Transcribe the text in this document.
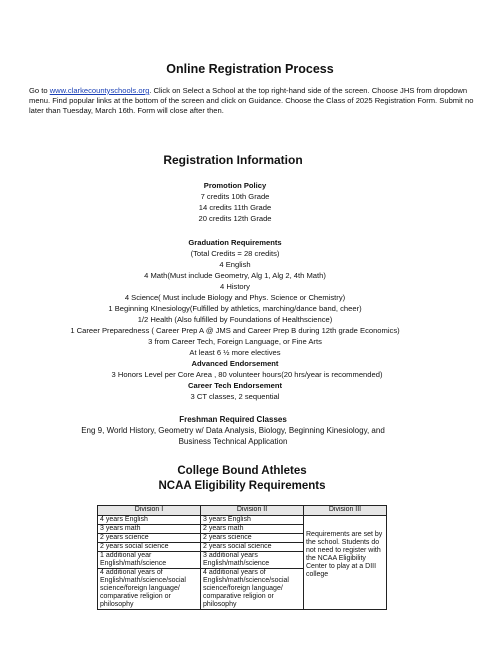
Online Registration Process
Go to www.clarkecountyschools.org. Click on Select a School at the top right-hand side of the screen. Choose JHS from dropdown menu. Find popular links at the bottom of the screen and click on Guidance. Choose the Class of 2025 Registration Form. Submit no later than Tuesday, March 16th. Form will close after then.
Registration Information
Promotion Policy
7 credits 10th Grade
14 credits 11th Grade
20 credits 12th Grade
Graduation Requirements
(Total Credits = 28 credits)
4 English
4 Math(Must include Geometry, Alg 1, Alg 2, 4th Math)
4 History
4 Science( Must include Biology and Phys. Science or Chemistry)
1 Beginning KInesiology(Fulfilled by athletics, marching/dance band, cheer)
1/2 Health (Also fulfilled by Foundations of Healthscience)
1 Career Preparedness ( Career Prep A @ JMS and Career Prep B during 12th grade Economics)
3 from Career Tech, Foreign Language, or Fine Arts
At least 6 ½ more electives
Advanced Endorsement
3 Honors Level per Core Area , 80 volunteer hours(20 hrs/year is recommended)
Career Tech Endorsement
3 CT classes, 2 sequential
Freshman Required Classes
Eng 9, World History, Geometry w/ Data Analysis, Biology, Beginning Kinesiology, and
Business Technical Application
College Bound Athletes
NCAA Eligibility Requirements
Division I	Division II	Division III
4 years English	3 years English	Requirements are set by the school. Students do not need to register with the NCAA Eligibility Center to play at a DIII college
3 years math	2 years math	
2 years science	2 years science	
2 years social science	2 years social science	
1 additional year English/math/science	3 additional years English/math/science	
4 additional years of English/math/science/social science/foreign language/ comparative religion or philosophy	4 additional years of English/math/science/social science/foreign language/ comparative religion or philosophy	
